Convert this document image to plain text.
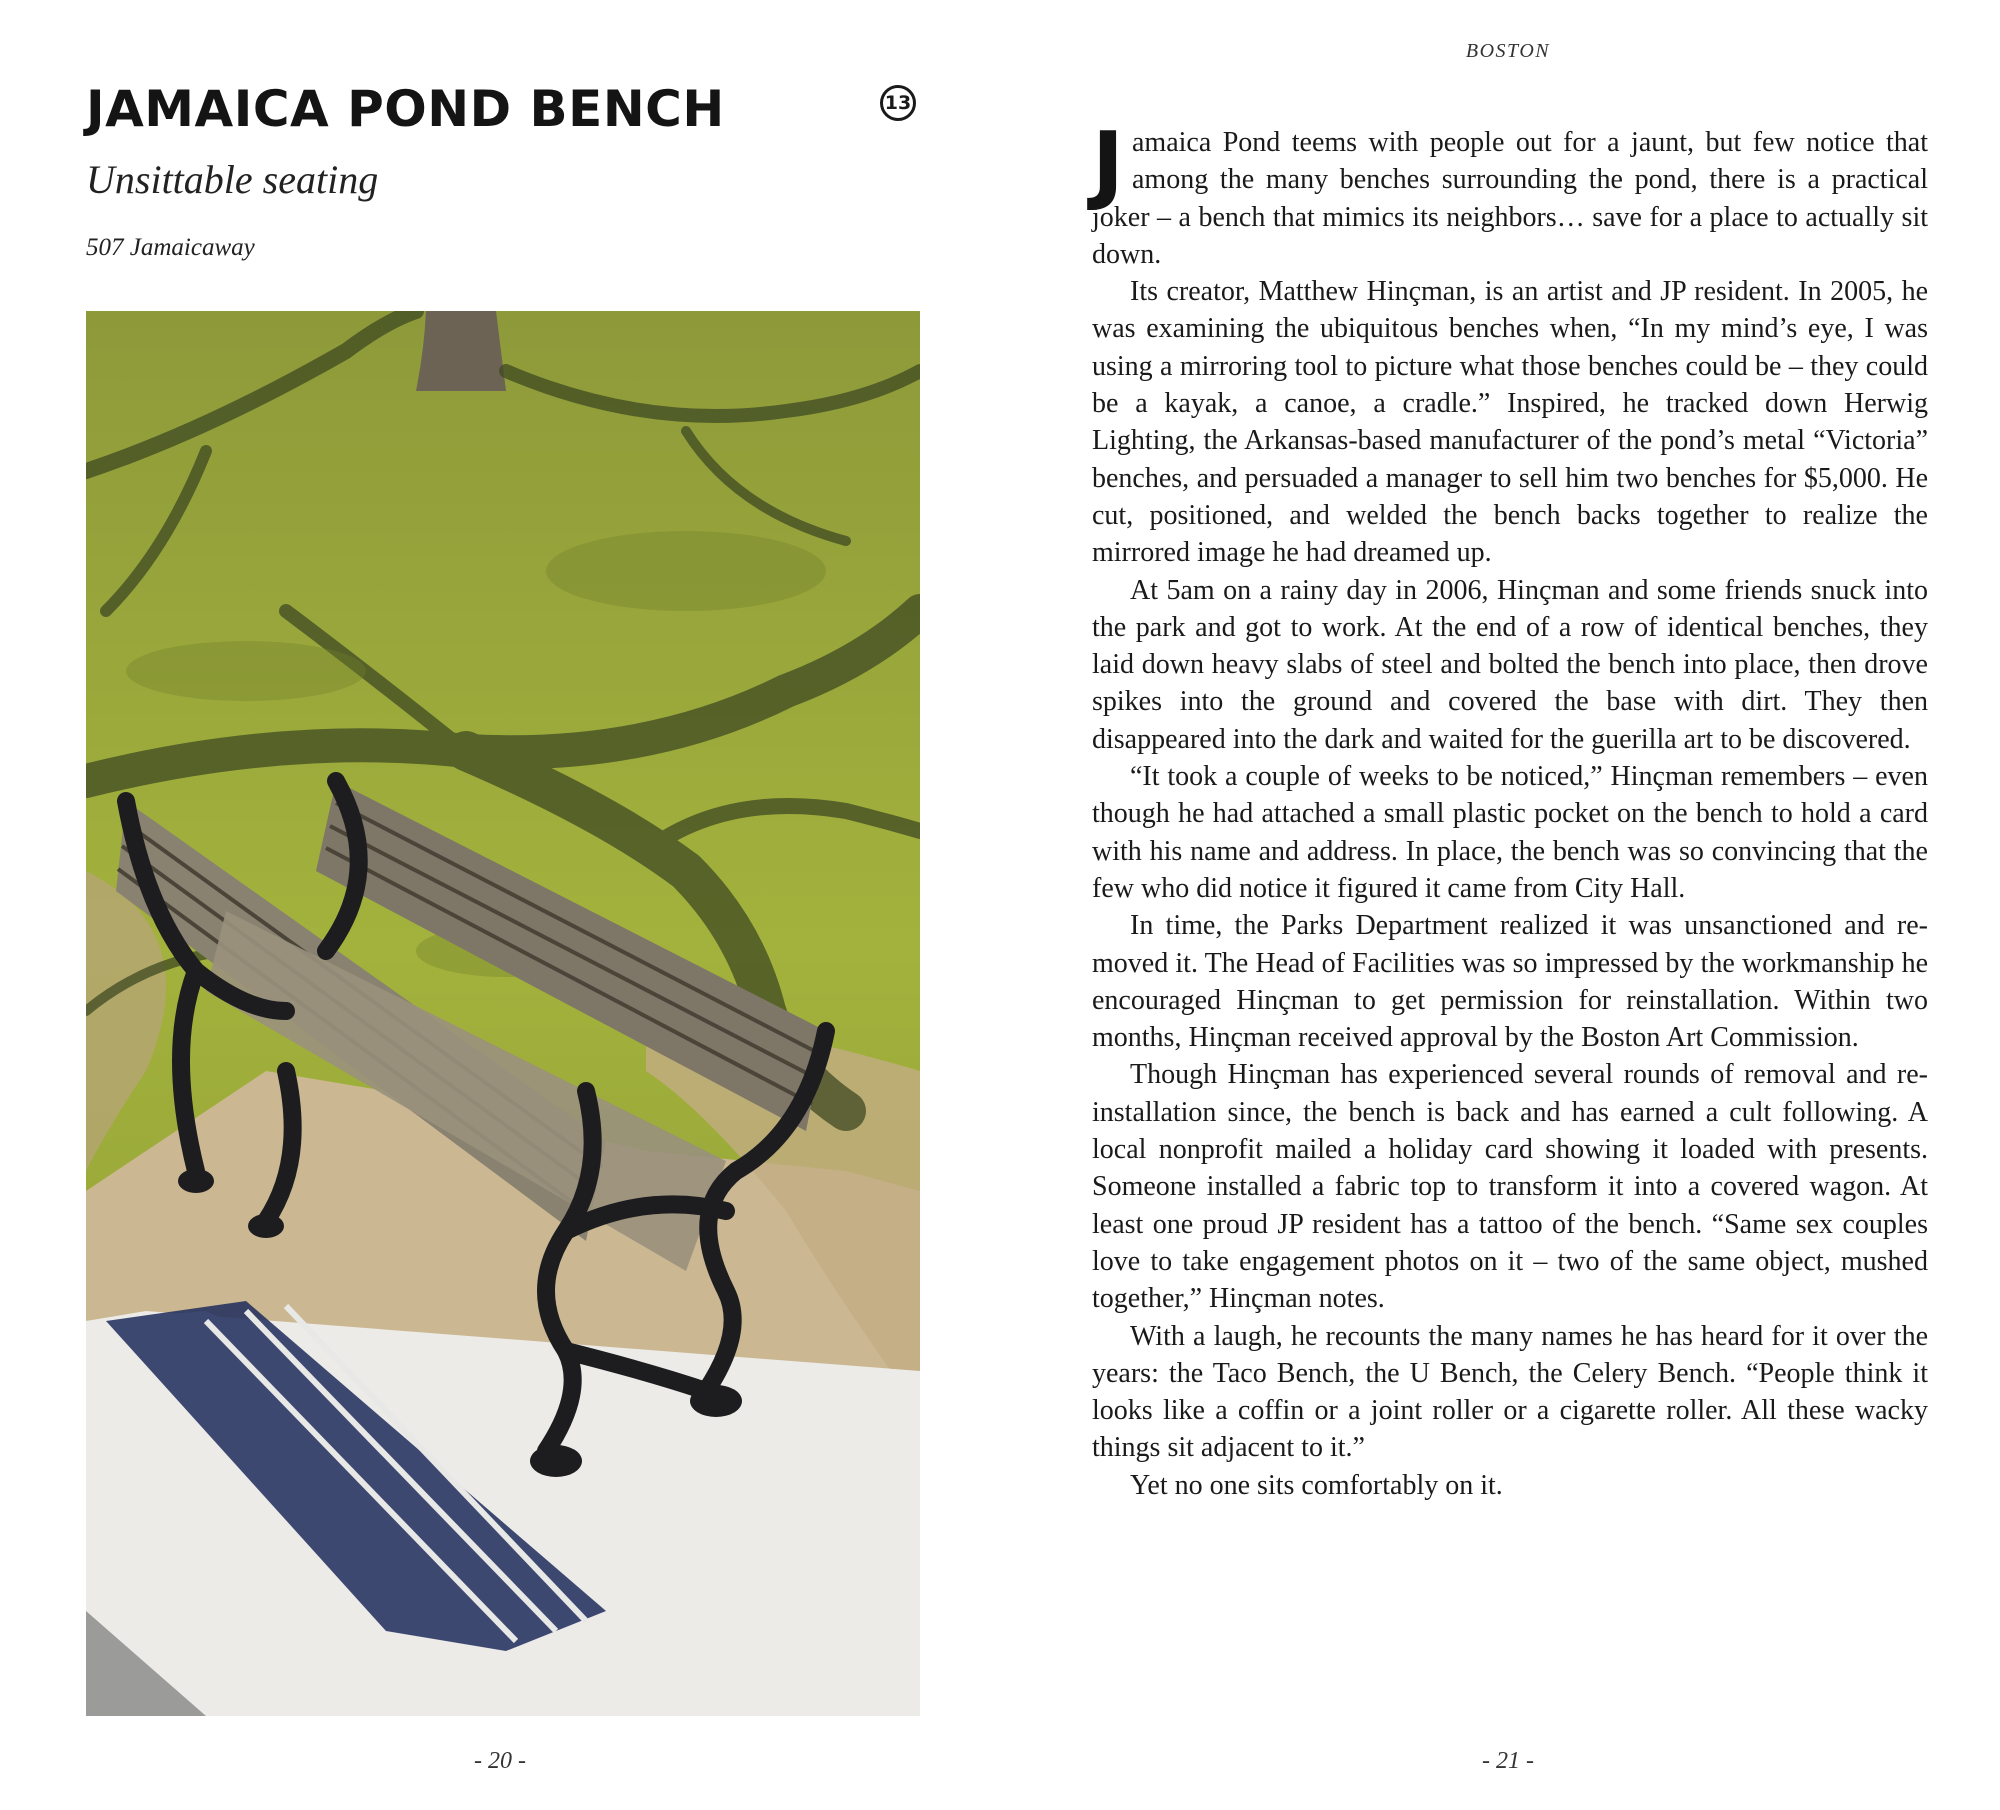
JAMAICA POND BENCH	13

Unsittable seating

507 Jamaicaway

- 20 -
BOSTON

Jamaica Pond teems with people out for a jaunt, but few notice that among the many benches surrounding the pond, there is a practical joker – a bench that mimics its neighbors… save for a place to actually sit down.

Its creator, Matthew Hinçman, is an artist and JP resident. In 2005, he was examining the ubiquitous benches when, “In my mind’s eye, I was using a mirroring tool to picture what those benches could be – they could be a kayak, a canoe, a cradle.” Inspired, he tracked down Herwig Lighting, the Arkansas-based manufacturer of the pond’s metal “Victoria” benches, and persuaded a manager to sell him two benches for $5,000. He cut, positioned, and welded the bench backs together to realize the mirrored image he had dreamed up.

At 5am on a rainy day in 2006, Hinçman and some friends snuck into the park and got to work. At the end of a row of identical benches, they laid down heavy slabs of steel and bolted the bench into place, then drove spikes into the ground and covered the base with dirt. They then disappeared into the dark and waited for the guerilla art to be discovered.

“It took a couple of weeks to be noticed,” Hinçman remembers – even though he had attached a small plastic pocket on the bench to hold a card with his name and address. In place, the bench was so convincing that the few who did notice it figured it came from City Hall.

In time, the Parks Department realized it was unsanctioned and removed it. The Head of Facilities was so impressed by the workmanship he encouraged Hinçman to get permission for reinstallation. Within two months, Hinçman received approval by the Boston Art Commission.

Though Hinçman has experienced several rounds of removal and reinstallation since, the bench is back and has earned a cult following. A local nonprofit mailed a holiday card showing it loaded with presents. Someone installed a fabric top to transform it into a covered wagon. At least one proud JP resident has a tattoo of the bench. “Same sex couples love to take engagement photos on it – two of the same object, mushed together,” Hinçman notes.

With a laugh, he recounts the many names he has heard for it over the years: the Taco Bench, the U Bench, the Celery Bench. “People think it looks like a coffin or a joint roller or a cigarette roller. All these wacky things sit adjacent to it.”

Yet no one sits comfortably on it.

- 21 -
